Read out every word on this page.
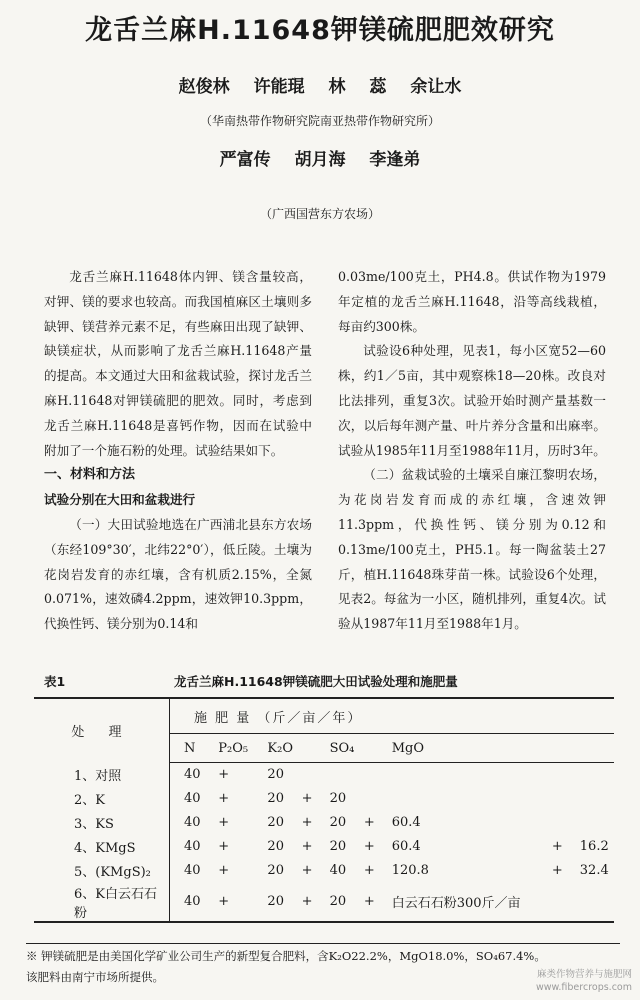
龙舌兰麻H.11648钾镁硫肥肥效研究
赵俊林 许能琨 林 蕊 余让水
（华南热带作物研究院南亚热带作物研究所）
严富传 胡月海 李逢弟
（广西国营东方农场）

龙舌兰麻H.11648体内钾、镁含量较高，对钾、镁的要求也较高。而我国植麻区土壤则多缺钾、镁营养元素不足，有些麻田出现了缺钾、缺镁症状，从而影响了龙舌兰麻H.11648产量的提高。本文通过大田和盆栽试验，探讨龙舌兰麻H.11648对钾镁硫肥的肥效。同时，考虑到龙舌兰麻H.11648是喜钙作物，因而在试验中附加了一个施石粉的处理。试验结果如下。

一、材料和方法

试验分别在大田和盆栽进行

（一）大田试验地选在广西浦北县东方农场（东经109°30′，北纬22°0′），低丘陵。土壤为花岗岩发育的赤红壤，含有机质2.15%，全氮0.071%，速效磷4.2ppm，速效钾10.3ppm，代换性钙、镁分别为0.14和

0.03me/100克土，PH4.8。供试作物为1979年定植的龙舌兰麻H.11648，沿等高线栽植，每亩约300株。

试验设6种处理，见表1，每小区宽52—60株，约1／5亩，其中观察株18—20株。改良对比法排列，重复3次。试验开始时测产量基数一次，以后每年测产量、叶片养分含量和出麻率。试验从1985年11月至1988年11月，历时3年。

（二）盆栽试验的土壤采自廉江黎明农场，为花岗岩发育而成的赤红壤，含速效钾11.3ppm，代换性钙、镁分别为0.12和0.13me/100克土，PH5.1。每一陶盆装土27斤，植H.11648珠芽苗一株。试验设6个处理，见表2。每盆为一小区，随机排列，重复4次。试验从1987年11月至1988年1月。

表1	龙舌兰麻H.11648钾镁硫肥大田试验处理和施肥量
处 理	施 肥 量 （斤／亩／年）								
	N	P₂O₅	K₂O		SO₄		MgO		
1、对照	40	+	20						
2、K	40	+	20	+	20				
3、KS	40	+	20	+	20	+	60.4		
4、KMgS	40	+	20	+	20	+	60.4	+	16.2
5、(KMgS)₂	40	+	20	+	40	+	120.8	+	32.4
6、K白云石石粉	40	+	20	+	20	+	白云石石粉300斤／亩		
※ 钾镁硫肥是由美国化学矿业公司生产的新型复合肥料，含K₂O22.2%，MgO18.0%，SO₄67.4%。
该肥料由南宁市场所提供。	麻类作物营养与施肥网
www.fibercrops.com
